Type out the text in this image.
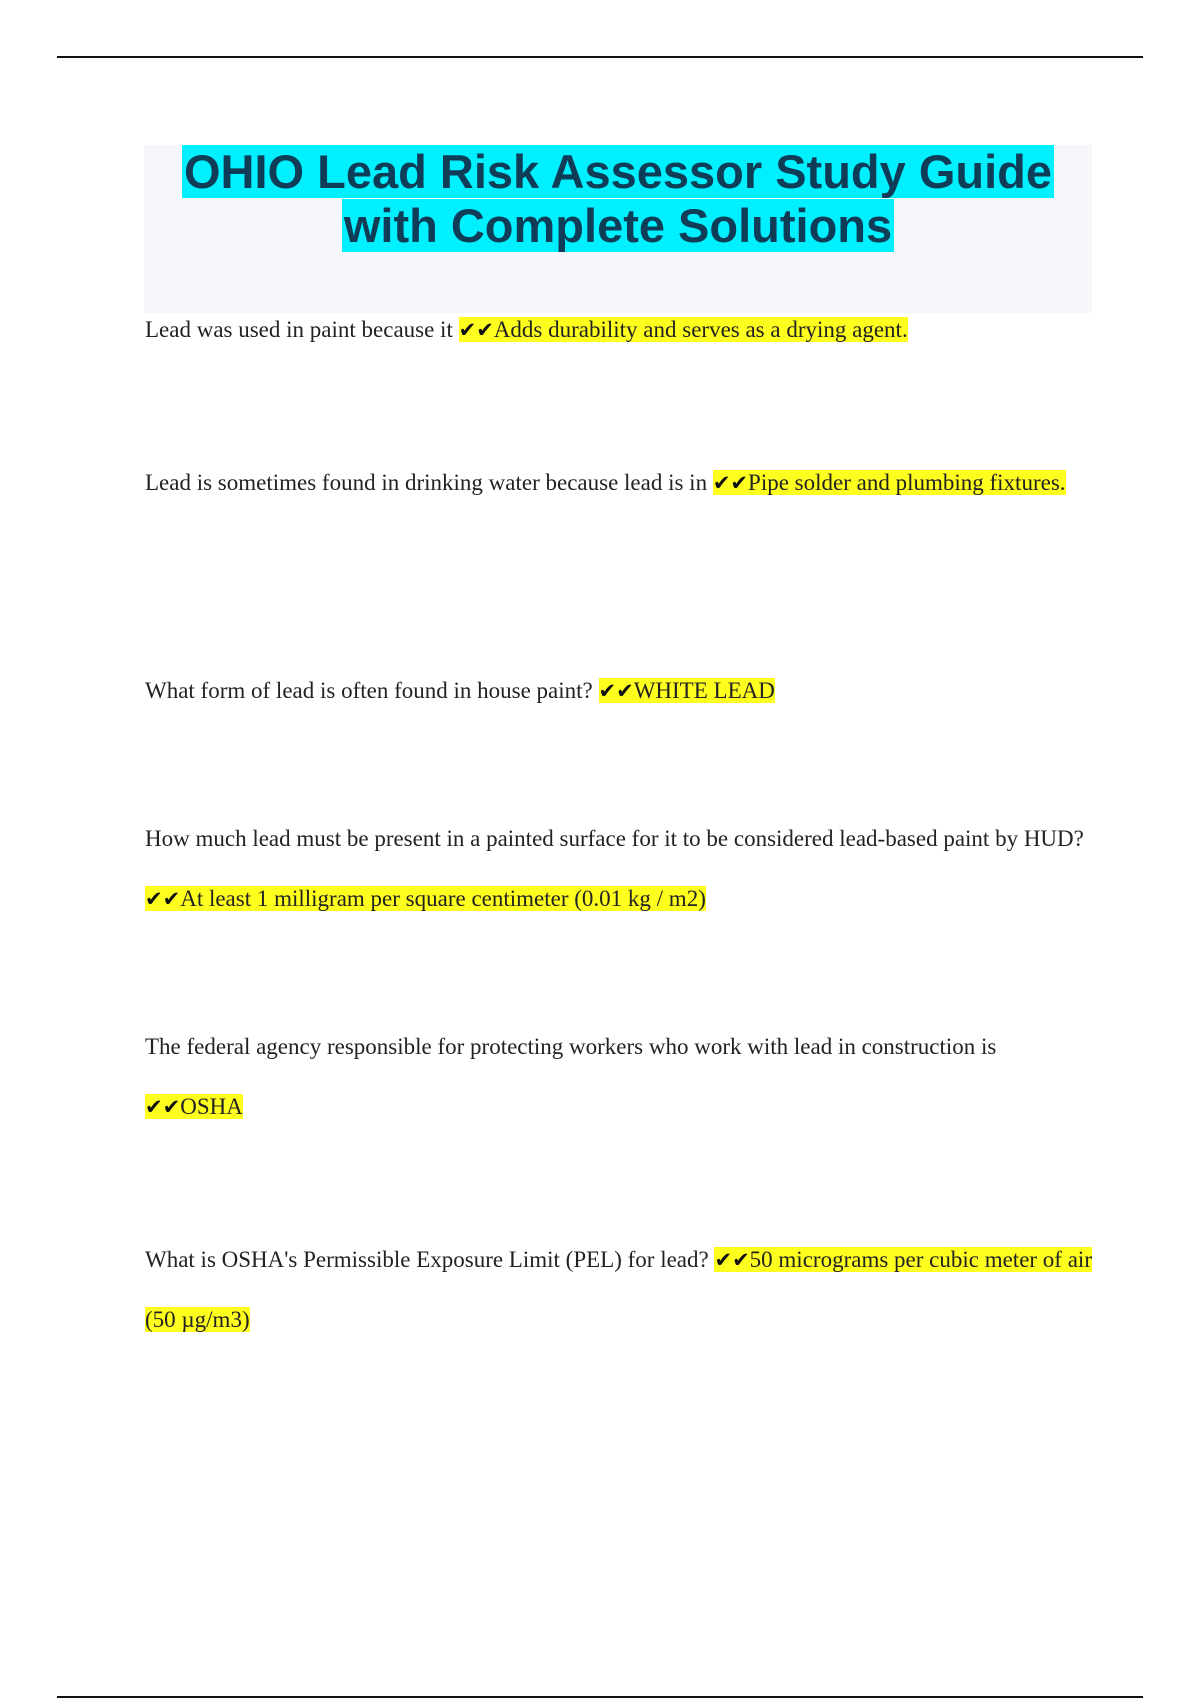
OHIO Lead Risk Assessor Study Guide
with Complete Solutions

Lead was used in paint because it ✔✔Adds durability and serves as a drying agent.

Lead is sometimes found in drinking water because lead is in ✔✔Pipe solder and plumbing fixtures.

What form of lead is often found in house paint? ✔✔WHITE LEAD

How much lead must be present in a painted surface for it to be considered lead-based paint by HUD? ✔✔At least 1 milligram per square centimeter (0.01 kg / m2)

The federal agency responsible for protecting workers who work with lead in construction is ✔✔OSHA

What is OSHA's Permissible Exposure Limit (PEL) for lead? ✔✔50 micrograms per cubic meter of air (50 µg/m3)
